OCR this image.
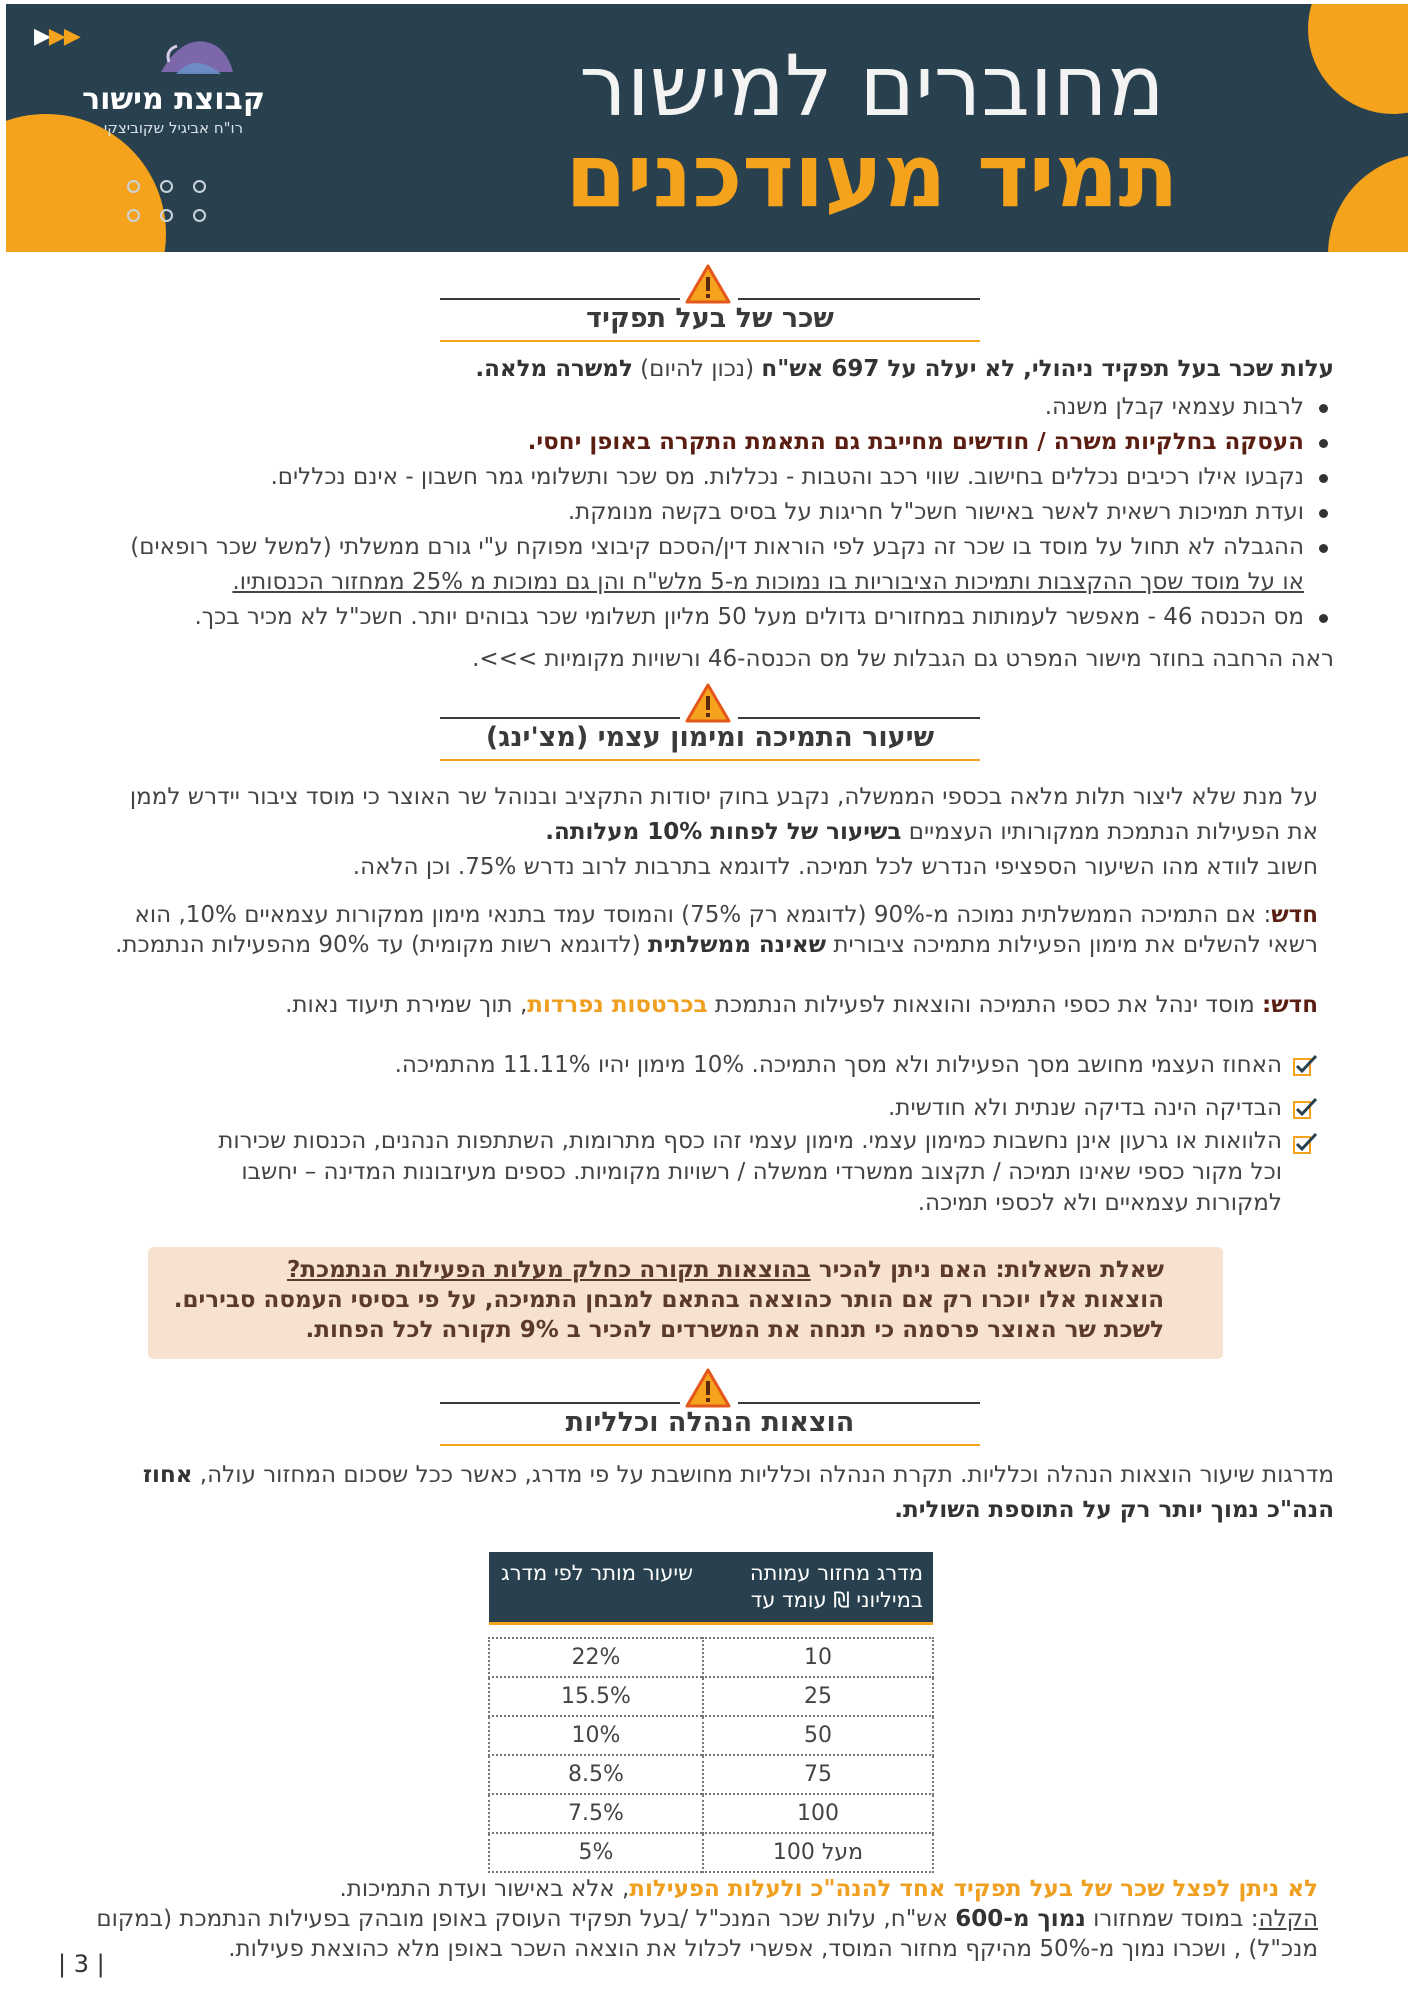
▶▶▶
קבוצת מישור
רו"ח אביגיל שקוביצקי	מחוברים למישור
תמיד מעודכנים
שכר של בעל תפקיד
עלות שכר בעל תפקיד ניהולי, לא יעלה על 697 אש"ח (נכון להיום) למשרה מלאה.
לרבות עצמאי קבלן משנה.
העסקה בחלקיות משרה / חודשים מחייבת גם התאמת התקרה באופן יחסי.
נקבעו אילו רכיבים נכללים בחישוב. שווי רכב והטבות - נכללות. מס שכר ותשלומי גמר חשבון - אינם נכללים.
ועדת תמיכות רשאית לאשר באישור חשכ"ל חריגות על בסיס בקשה מנומקת.
ההגבלה לא תחול על מוסד בו שכר זה נקבע לפי הוראות דין/הסכם קיבוצי מפוקח ע"י גורם ממשלתי (למשל שכר רופאים)
או על מוסד שסך ההקצבות ותמיכות הציבוריות בו נמוכות מ-5 מלש"ח והן גם נמוכות מ 25% ממחזור הכנסותיו.
מס הכנסה 46 - מאפשר לעמותות במחזורים גדולים מעל 50 מליון תשלומי שכר גבוהים יותר. חשכ"ל לא מכיר בכך.
ראה הרחבה בחוזר מישור המפרט גם הגבלות של מס הכנסה-46 ורשויות מקומיות >>>.
שיעור התמיכה ומימון עצמי (מצ'ינג)
על מנת שלא ליצור תלות מלאה בכספי הממשלה, נקבע בחוק יסודות התקציב ובנוהל שר האוצר כי מוסד ציבור יידרש לממן
את הפעילות הנתמכת ממקורותיו העצמיים בשיעור של לפחות 10% מעלותה.
חשוב לוודא מהו השיעור הספציפי הנדרש לכל תמיכה. לדוגמא בתרבות לרוב נדרש 75%. וכן הלאה.
חדש: אם התמיכה הממשלתית נמוכה מ-90% (לדוגמא רק 75%) והמוסד עמד בתנאי מימון ממקורות עצמאיים 10%, הוא
רשאי להשלים את מימון הפעילות מתמיכה ציבורית שאינה ממשלתית (לדוגמא רשות מקומית) עד 90% מהפעילות הנתמכת.
חדש: מוסד ינהל את כספי התמיכה והוצאות לפעילות הנתמכת בכרטסות נפרדות, תוך שמירת תיעוד נאות.
האחוז העצמי מחושב מסך הפעילות ולא מסך התמיכה. 10% מימון יהיו 11.11% מהתמיכה.
הבדיקה הינה בדיקה שנתית ולא חודשית.
הלוואות או גרעון אינן נחשבות כמימון עצמי. מימון עצמי זהו כסף מתרומות, השתתפות הנהנים, הכנסות שכירות
וכל מקור כספי שאינו תמיכה / תקצוב ממשרדי ממשלה / רשויות מקומיות. כספים מעיזבונות המדינה – יחשבו
למקורות עצמאיים ולא לכספי תמיכה.
שאלת השאלות: האם ניתן להכיר בהוצאות תקורה כחלק מעלות הפעילות הנתמכת?
הוצאות אלו יוכרו רק אם הותר כהוצאה בהתאם למבחן התמיכה, על פי בסיסי העמסה סבירים.
לשכת שר האוצר פרסמה כי תנחה את המשרדים להכיר ב 9% תקורה לכל הפחות.
הוצאות הנהלה וכלליות
מדרגות שיעור הוצאות הנהלה וכלליות. תקרת הנהלה וכלליות מחושבת על פי מדרג, כאשר ככל שסכום המחזור עולה, אחוז
הנה"כ נמוך יותר רק על התוספת השולית.
מדרג מחזור עמותה במיליוני ₪ עומד עד	שיעור מותר לפי מדרג

10	22%
25	15.5%
50	10%
75	8.5%
100	7.5%
מעל 100	5%
לא ניתן לפצל שכר של בעל תפקיד אחד להנה"כ ולעלות הפעילות, אלא באישור ועדת התמיכות.
הקלה: במוסד שמחזורו נמוך מ-600 אש"ח, עלות שכר המנכ"ל /בעל תפקיד העוסק באופן מובהק בפעילות הנתמכת (במקום
מנכ"ל) , ושכרו נמוך מ-50% מהיקף מחזור המוסד, אפשרי לכלול את הוצאה השכר באופן מלא כהוצאת פעילות.
| 3 |
